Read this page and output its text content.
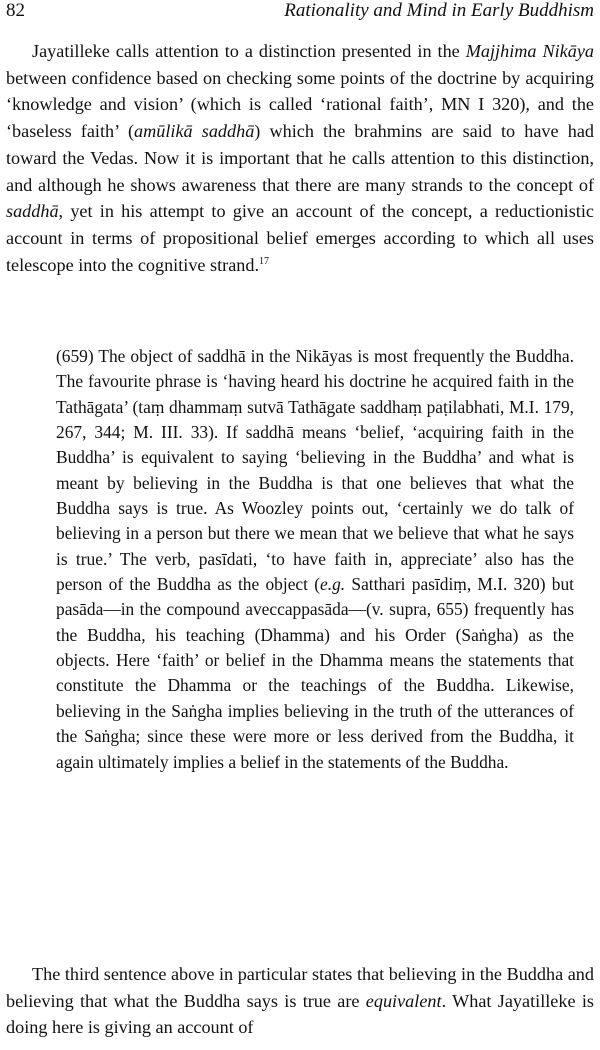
82	Rationality and Mind in Early Buddhism

Jayatilleke calls attention to a distinction presented in the Majjhima Nikāya between confidence based on checking some points of the doctrine by acquiring ‘knowledge and vision’ (which is called ‘rational faith’, MN I 320), and the ‘baseless faith’ (amūlikā saddhā) which the brahmins are said to have had toward the Vedas. Now it is important that he calls attention to this distinction, and although he shows awareness that there are many strands to the concept of saddhā, yet in his attempt to give an account of the concept, a reductionistic account in terms of propositional belief emerges according to which all uses telescope into the cognitive strand.$^{17}$

(659) The object of saddhā in the Nikāyas is most frequently the Buddha. The favourite phrase is ‘having heard his doctrine he acquired faith in the Tathāgata’ (taṃ dhammaṃ sutvā Tathāgate saddhaṃ paṭilabhati, M.I. 179, 267, 344; M. III. 33). If saddhā means ‘belief, ‘acquiring faith in the Buddha’ is equivalent to saying ‘believing in the Buddha’ and what is meant by believing in the Buddha is that one believes that what the Buddha says is true. As Woozley points out, ‘certainly we do talk of believing in a person but there we mean that we believe that what he says is true.’ The verb, pasīdati, ‘to have faith in, appreciate’ also has the person of the Buddha as the object (e.g. Satthari pasīdiṃ, M.I. 320) but pasāda—in the compound aveccappasāda—(v. supra, 655) frequently has the Buddha, his teaching (Dhamma) and his Order (Saṅgha) as the objects. Here ‘faith’ or belief in the Dhamma means the statements that constitute the Dhamma or the teachings of the Buddha. Likewise, believing in the Saṅgha implies believing in the truth of the utterances of the Saṅgha; since these were more or less derived from the Buddha, it again ultimately implies a belief in the statements of the Buddha.

The third sentence above in particular states that believing in the Buddha and believing that what the Buddha says is true are equivalent. What Jayatilleke is doing here is giving an account of
